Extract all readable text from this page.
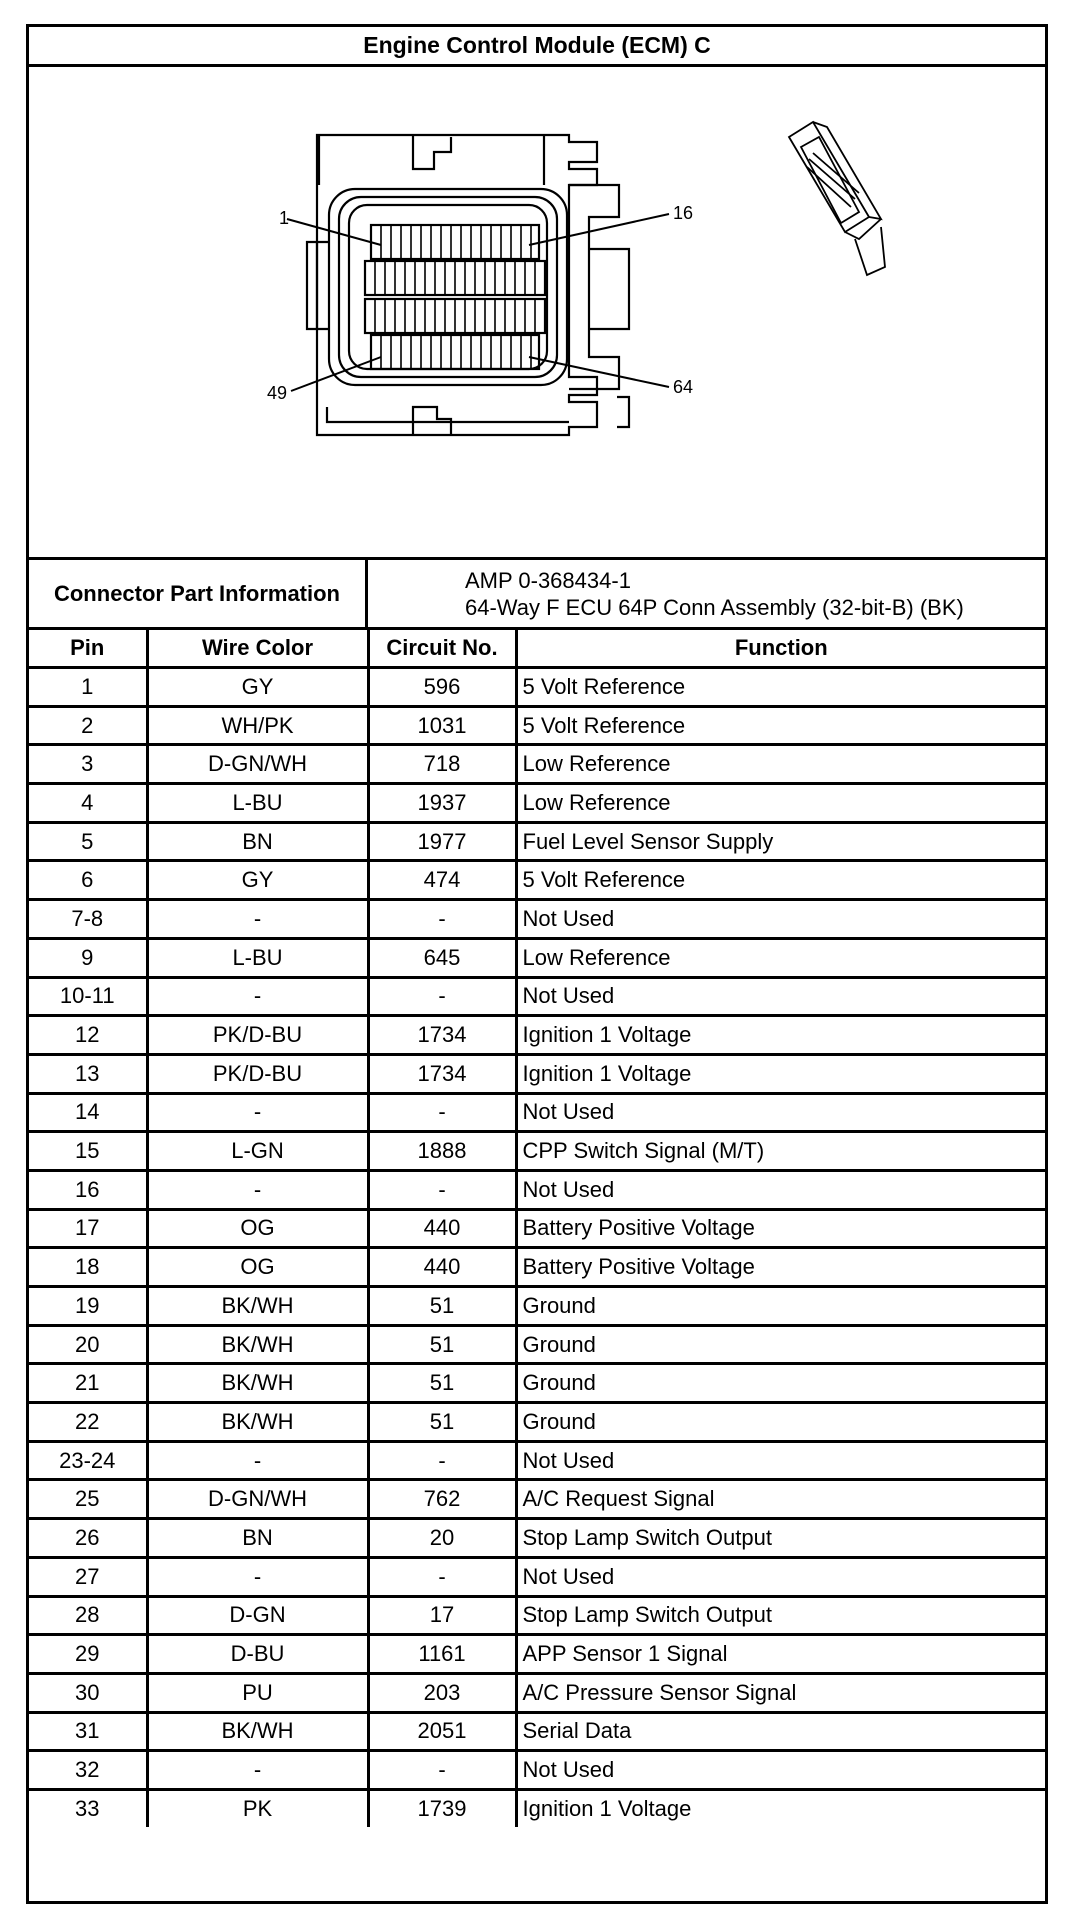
Engine Control Module (ECM) C
1	16
49	64
Connector Part Information
AMP 0-368434-1
64-Way F ECU 64P Conn Assembly (32-bit-B) (BK)
Pin	Wire Color	Circuit No.	Function
1	GY	596	5 Volt Reference
2	WH/PK	1031	5 Volt Reference
3	D-GN/WH	718	Low Reference
4	L-BU	1937	Low Reference
5	BN	1977	Fuel Level Sensor Supply
6	GY	474	5 Volt Reference
7-8	-	-	Not Used
9	L-BU	645	Low Reference
10-11	-	-	Not Used
12	PK/D-BU	1734	Ignition 1 Voltage
13	PK/D-BU	1734	Ignition 1 Voltage
14	-	-	Not Used
15	L-GN	1888	CPP Switch Signal (M/T)
16	-	-	Not Used
17	OG	440	Battery Positive Voltage
18	OG	440	Battery Positive Voltage
19	BK/WH	51	Ground
20	BK/WH	51	Ground
21	BK/WH	51	Ground
22	BK/WH	51	Ground
23-24	-	-	Not Used
25	D-GN/WH	762	A/C Request Signal
26	BN	20	Stop Lamp Switch Output
27	-	-	Not Used
28	D-GN	17	Stop Lamp Switch Output
29	D-BU	1161	APP Sensor 1 Signal
30	PU	203	A/C Pressure Sensor Signal
31	BK/WH	2051	Serial Data
32	-	-	Not Used
33	PK	1739	Ignition 1 Voltage
